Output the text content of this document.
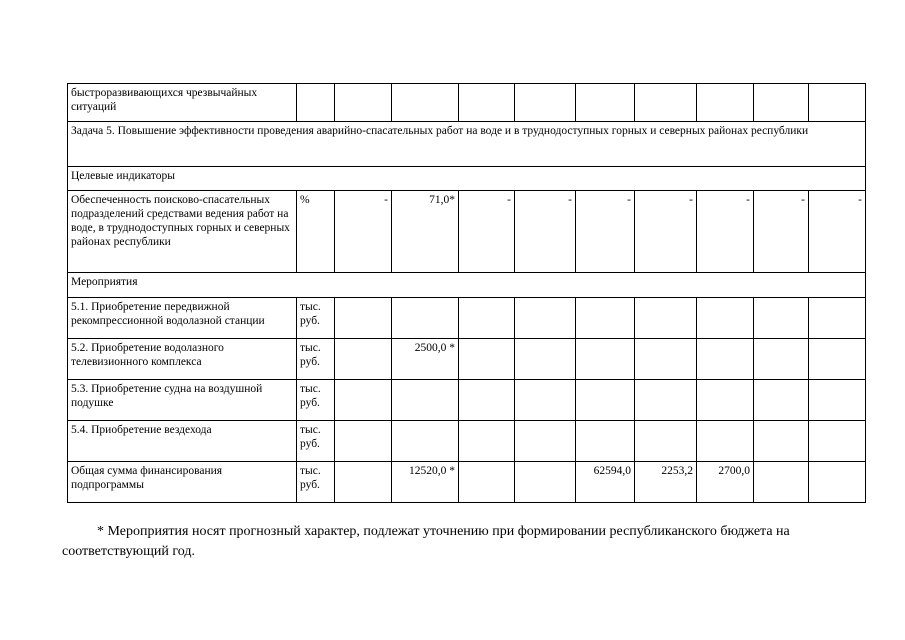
быстроразвивающихся чрезвычайных ситуаций										
Задача 5. Повышение эффективности проведения аварийно-спасательных работ на воде и в труднодоступных горных и северных районах республики										
Целевые индикаторы										
Обеспеченность поисково-спасательных подразделений средствами ведения работ на воде, в труднодоступных горных и северных районах республики	%	-	71,0*	-	-	-	-	-	-	-
Мероприятия										
5.1. Приобретение передвижной рекомпрессионной водолазной станции	тыс. руб.									
5.2. Приобретение водолазного телевизионного комплекса	тыс. руб.		2500,0 *							
5.3. Приобретение судна на воздушной подушке	тыс. руб.									
5.4. Приобретение вездехода	тыс. руб.									
Общая сумма финансирования подпрограммы	тыс. руб.		12520,0 *			62594,0	2253,2	2700,0		
* Мероприятия носят прогнозный характер, подлежат уточнению при формировании республиканского бюджета на соответствующий год.
